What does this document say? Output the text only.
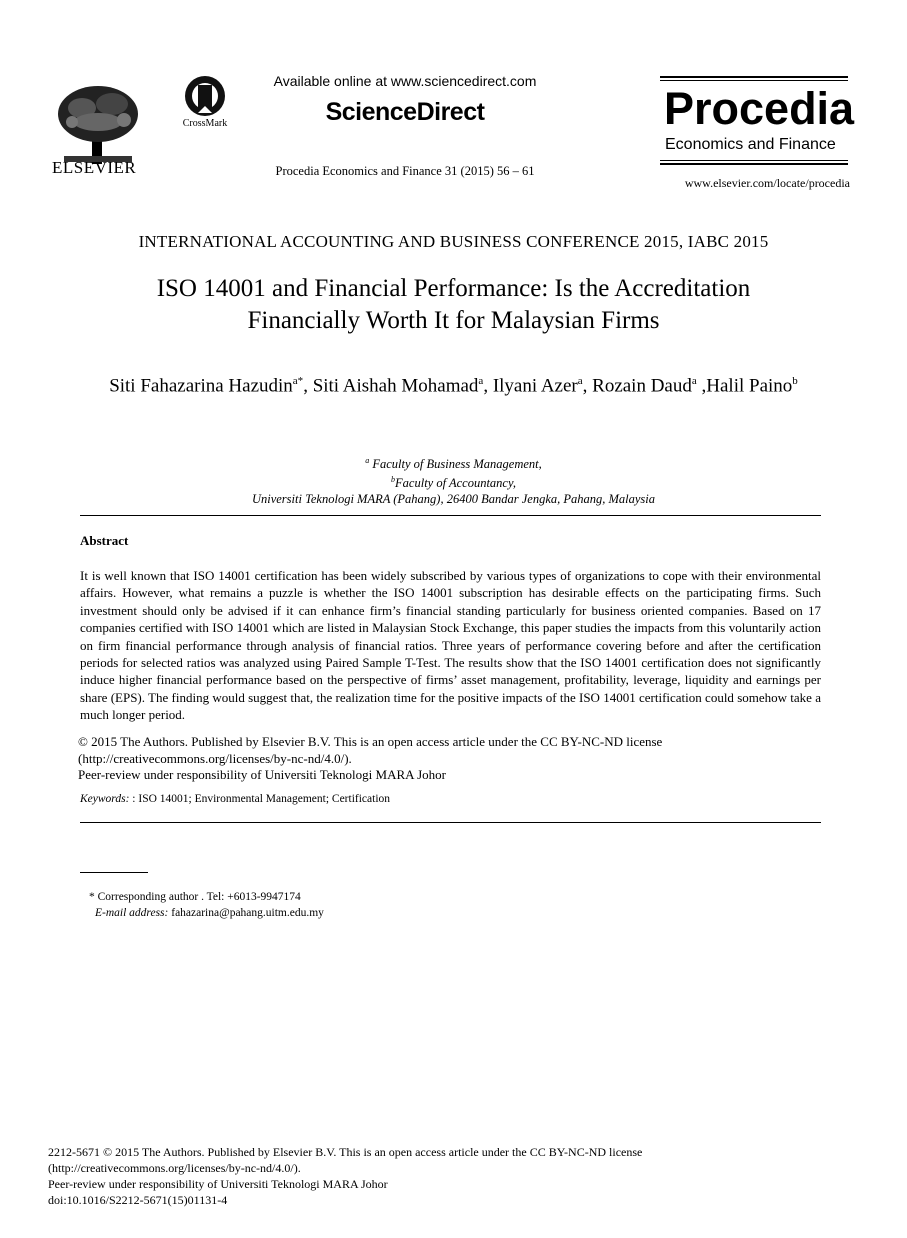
ELSEVIER
CrossMark
Available online at www.sciencedirect.com
ScienceDirect
Procedia Economics and Finance 31 (2015) 56 – 61
Procedia
Economics and Finance
www.elsevier.com/locate/procedia
INTERNATIONAL ACCOUNTING AND BUSINESS CONFERENCE 2015, IABC 2015
ISO 14001 and Financial Performance: Is the Accreditation
Financially Worth It for Malaysian Firms
Siti Fahazarina Hazudin$^{a*}$, Siti Aishah Mohamad$^a$, Ilyani Azer$^a$, Rozain Daud$^a$ ,Halil Paino$^b$
$^a$ Faculty of Business Management,
$^b$Faculty of Accountancy,
Universiti Teknologi MARA (Pahang), 26400 Bandar Jengka, Pahang, Malaysia
Abstract
It is well known that ISO 14001 certification has been widely subscribed by various types of organizations to cope with their environmental affairs. However, what remains a puzzle is whether the ISO 14001 subscription has desirable effects on the participating firms. Such investment should only be advised if it can enhance firm’s financial standing particularly for business oriented companies. Based on 17 companies certified with ISO 14001 which are listed in Malaysian Stock Exchange, this paper studies the impacts from this voluntarily action on firm financial performance through analysis of financial ratios. Three years of performance covering before and after the certification periods for selected ratios was analyzed using Paired Sample T-Test. The results show that the ISO 14001 certification does not significantly induce higher financial performance based on the perspective of firms’ asset management, profitability, leverage, liquidity and earnings per share (EPS). The finding would suggest that, the realization time for the positive impacts of the ISO 14001 certification could somehow take a much longer period.
© 2015 The Authors. Published by Elsevier B.V. This is an open access article under the CC BY-NC-ND license
(http://creativecommons.org/licenses/by-nc-nd/4.0/).
Peer-review under responsibility of Universiti Teknologi MARA Johor
Keywords: : ISO 14001; Environmental Management; Certification
* Corresponding author . Tel: +6013-9947174
E-mail address: fahazarina@pahang.uitm.edu.my
2212-5671 © 2015 The Authors. Published by Elsevier B.V. This is an open access article under the CC BY-NC-ND license
(http://creativecommons.org/licenses/by-nc-nd/4.0/).
Peer-review under responsibility of Universiti Teknologi MARA Johor
doi:10.1016/S2212-5671(15)01131-4
